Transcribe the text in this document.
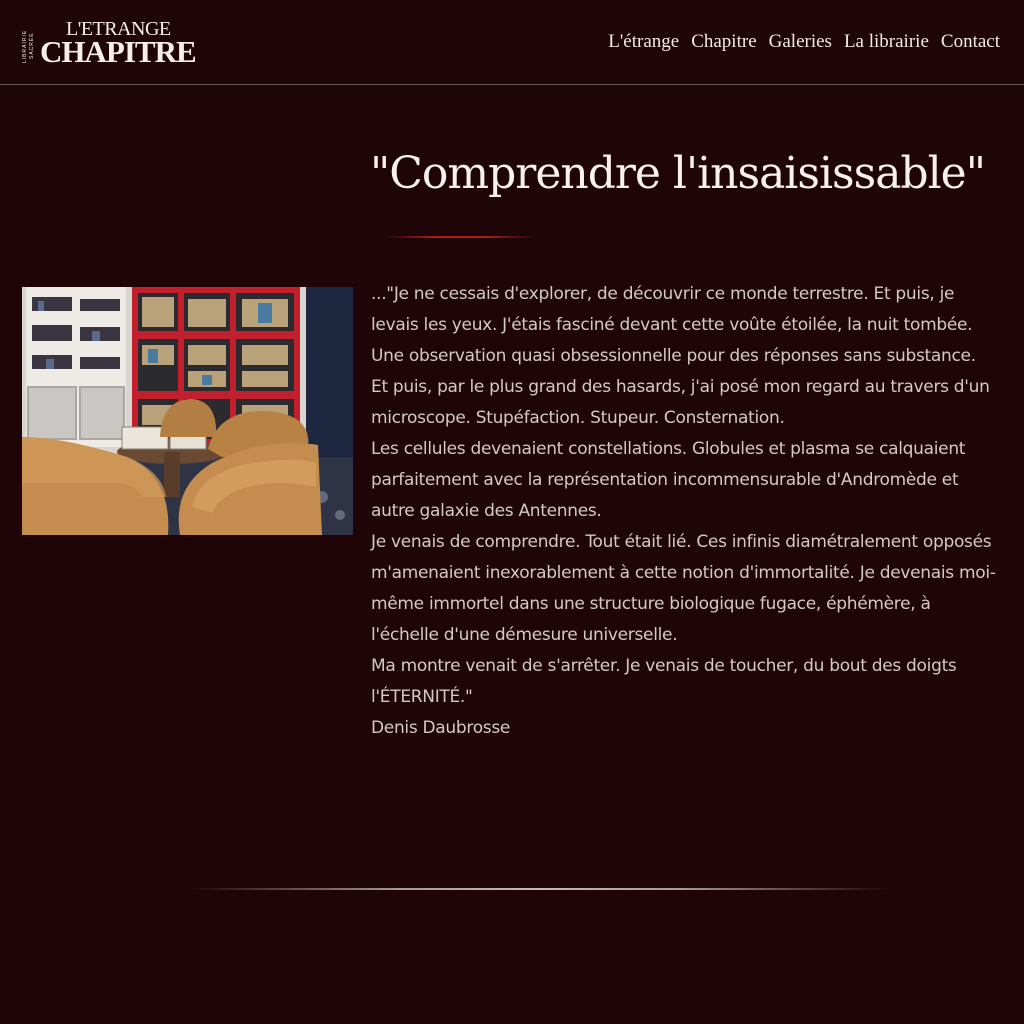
LIBRAIRIE SACRÉE
L'ETRANGE
CHAPITRE	L'étrange Chapitre Galeries La librairie Contact
"Comprendre l'insaisissable"

..."Je ne cessais d'explorer, de découvrir ce monde terrestre. Et puis, je levais les yeux. J'étais fasciné devant cette voûte étoilée, la nuit tombée.

Une observation quasi obsessionnelle pour des réponses sans substance.

Et puis, par le plus grand des hasards, j'ai posé mon regard au travers d'un microscope. Stupéfaction. Stupeur. Consternation.

Les cellules devenaient constellations. Globules et plasma se calquaient parfaitement avec la représentation incommensurable d'Andromède et autre galaxie des Antennes.

Je venais de comprendre. Tout était lié. Ces infinis diamétralement opposés m'amenaient inexorablement à cette notion d'immortalité. Je devenais moi-même immortel dans une structure biologique fugace, éphémère, à l'échelle d'une démesure universelle.

Ma montre venait de s'arrêter. Je venais de toucher, du bout des doigts l'ÉTERNITÉ."

Denis Daubrosse
